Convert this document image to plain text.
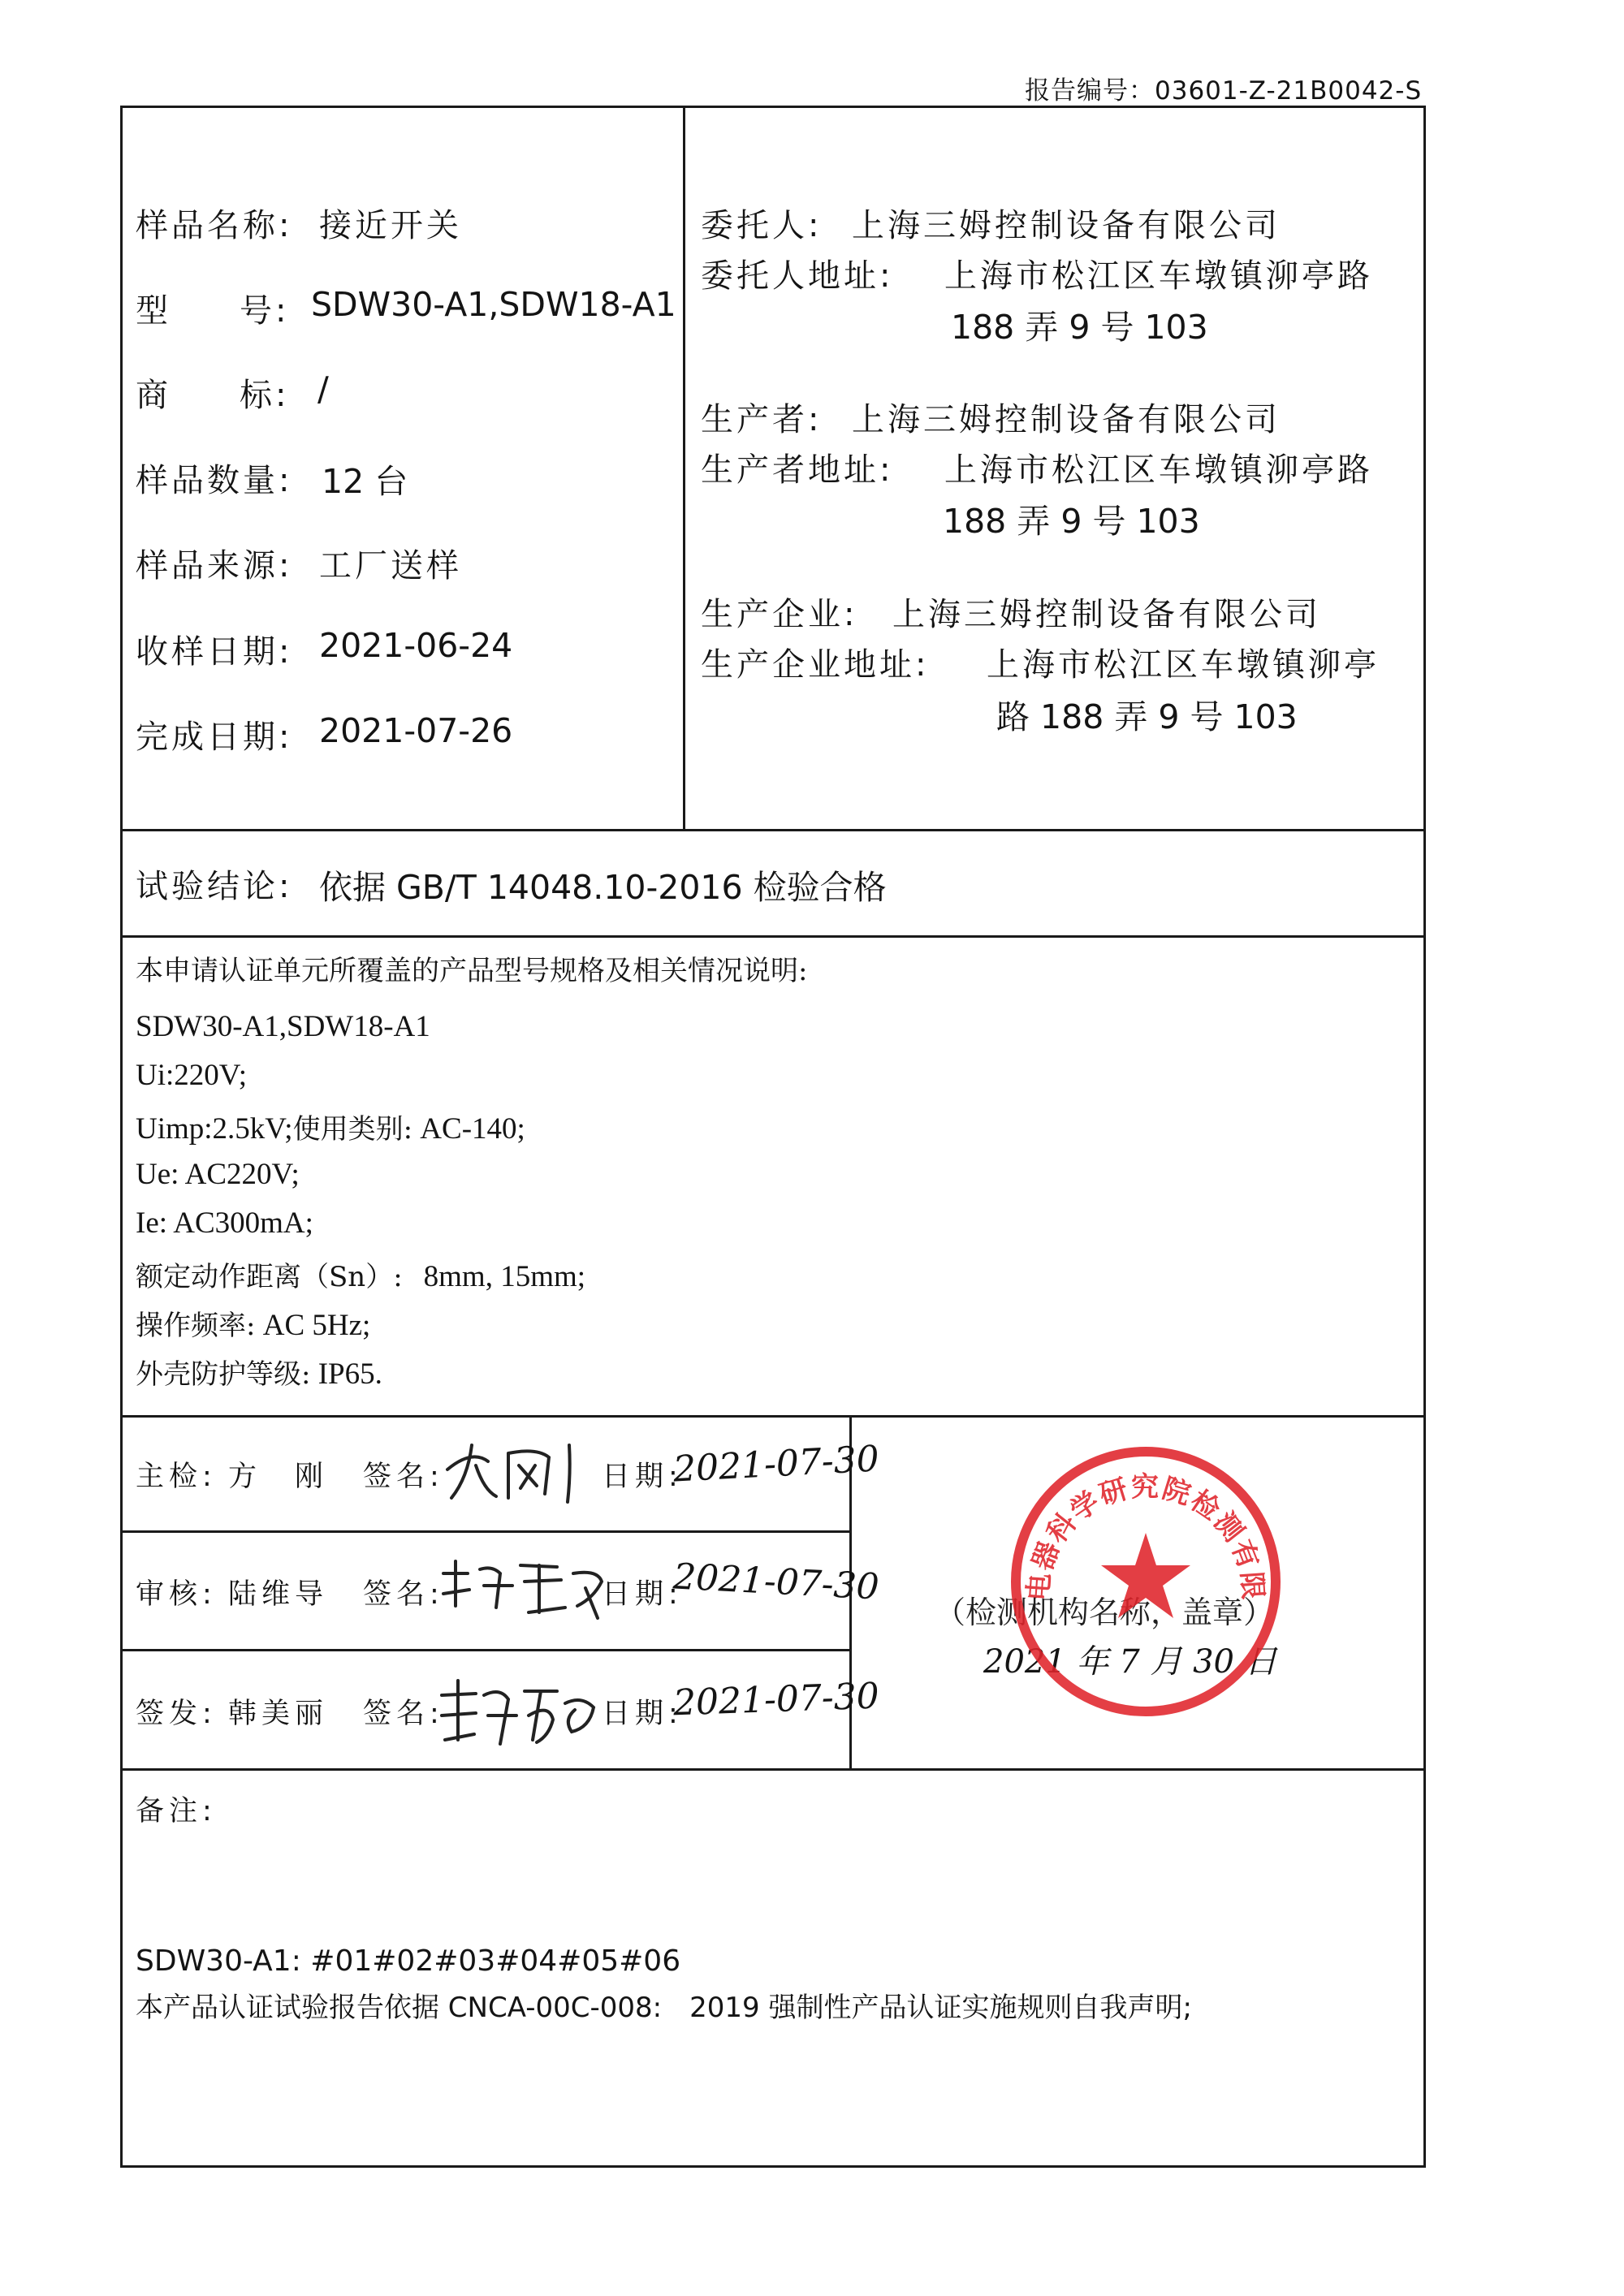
报告编号：03601-Z-21B0042-S
样品名称: 接近开关
型 号: SDW30-A1,SDW18-A1
商 标: /
样品数量: 12 台
样品来源: 工厂送样
收样日期: 2021-06-24
完成日期: 2021-07-26
委托人: 上海三姆控制设备有限公司
委托人地址: 上海市松江区车墩镇泖亭路
188 弄 9 号 103
生产者: 上海三姆控制设备有限公司
生产者地址: 上海市松江区车墩镇泖亭路
188 弄 9 号 103
生产企业: 上海三姆控制设备有限公司
生产企业地址: 上海市松江区车墩镇泖亭
路 188 弄 9 号 103
试验结论: 依据 GB/T 14048.10-2016 检验合格
本申请认证单元所覆盖的产品型号规格及相关情况说明:
SDW30-A1,SDW18-A1
Ui:220V;
Uimp:2.5kV;使用类别: AC-140;
Ue: AC220V;
Ie: AC300mA;
额定动作距离（Sn）: 8mm, 15mm;
操作频率: AC 5Hz;
外壳防护等级: IP65.
主检: 方　刚 签名:	日期:
2021-07-30
审核: 陆维导 签名:	日期:
2021-07-30
签发: 韩美丽 签名:	日期:
2021-07-30
（检测机构名称，盖章）
2021 年 7 月 30 日
上海电器科学研究院检测有限公司
备注:
SDW30-A1: #01#02#03#04#05#06
本产品认证试验报告依据 CNCA-00C-008:　2019 强制性产品认证实施规则自我声明;
